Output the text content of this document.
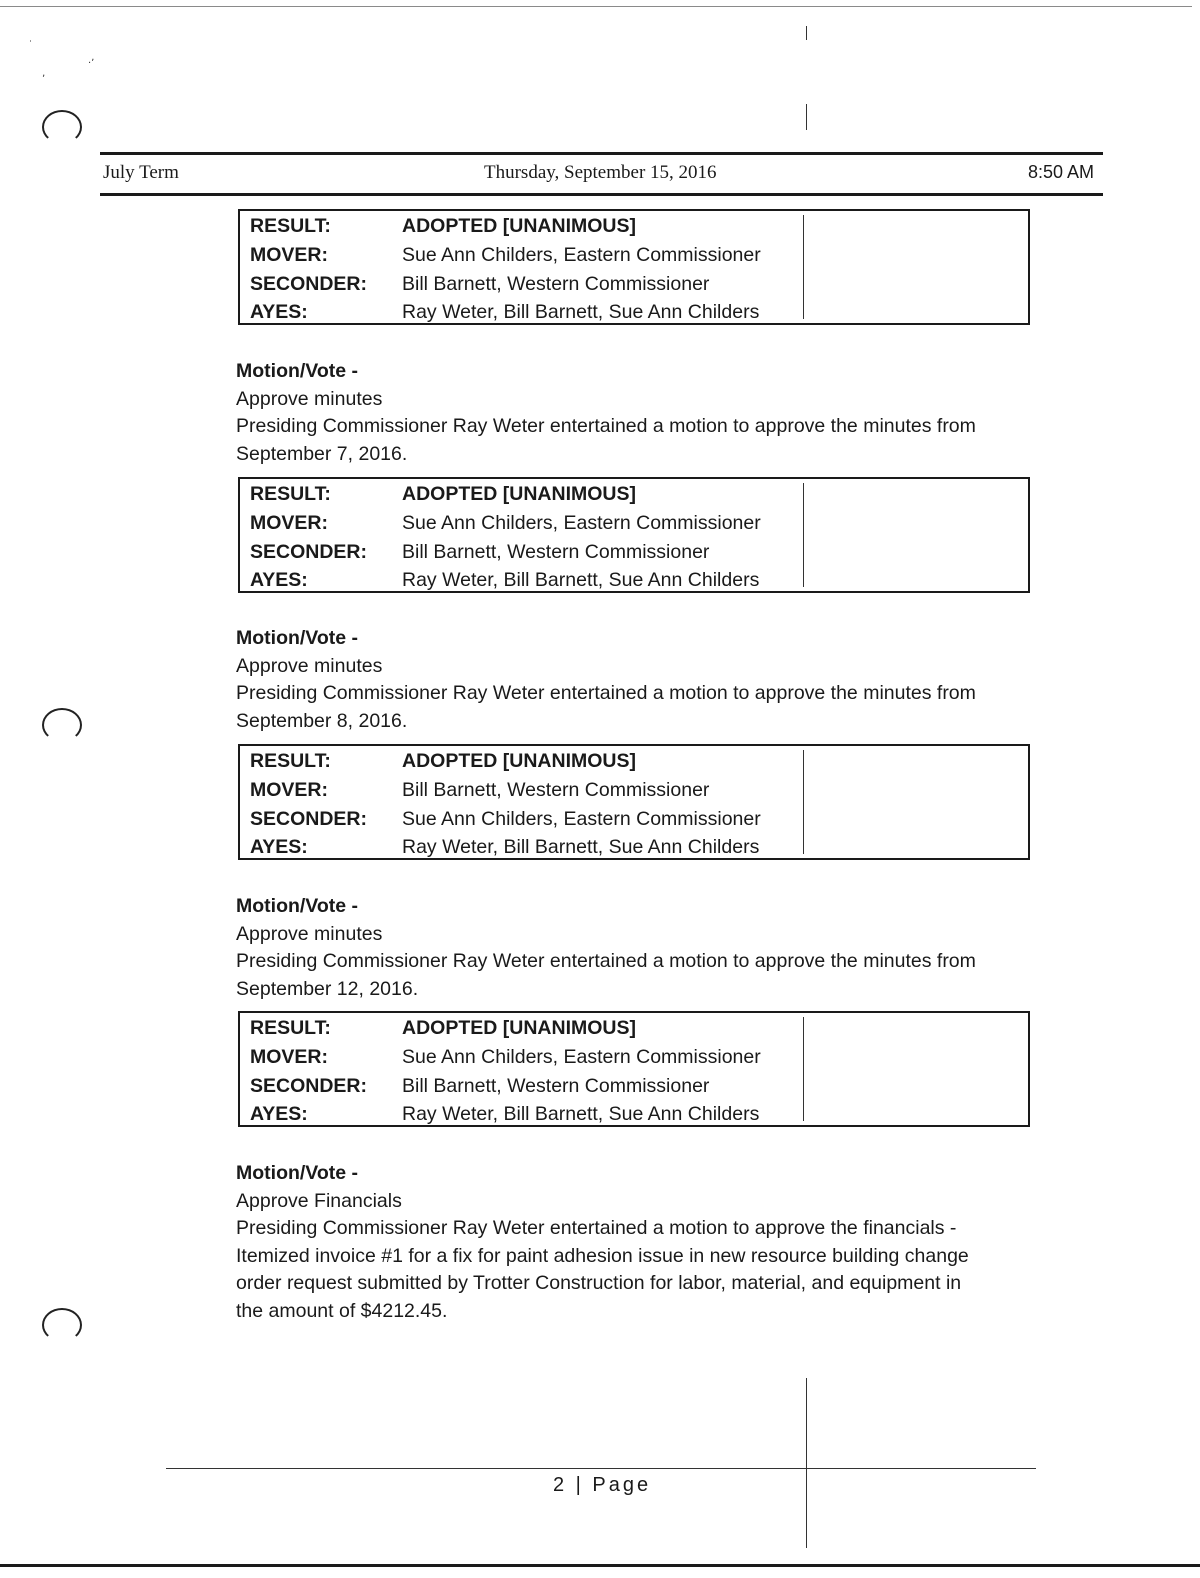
˙
·ʼ
‚
July Term	Thursday, September 15, 2016	8:50 AM
RESULT:	ADOPTED [UNANIMOUS]
MOVER:	Sue Ann Childers, Eastern Commissioner
SECONDER: Bill Barnett, Western Commissioner
AYES:	Ray Weter, Bill Barnett, Sue Ann Childers
Motion/Vote -
Approve minutes
Presiding Commissioner Ray Weter entertained a motion to approve the minutes from
September 7, 2016.
RESULT:	ADOPTED [UNANIMOUS]
MOVER:	Sue Ann Childers, Eastern Commissioner
SECONDER: Bill Barnett, Western Commissioner
AYES:	Ray Weter, Bill Barnett, Sue Ann Childers
Motion/Vote -
Approve minutes
Presiding Commissioner Ray Weter entertained a motion to approve the minutes from
September 8, 2016.
RESULT:	ADOPTED [UNANIMOUS]
MOVER:	Bill Barnett, Western Commissioner
SECONDER: Sue Ann Childers, Eastern Commissioner
AYES:	Ray Weter, Bill Barnett, Sue Ann Childers
Motion/Vote -
Approve minutes
Presiding Commissioner Ray Weter entertained a motion to approve the minutes from
September 12, 2016.
RESULT:	ADOPTED [UNANIMOUS]
MOVER:	Sue Ann Childers, Eastern Commissioner
SECONDER: Bill Barnett, Western Commissioner
AYES:	Ray Weter, Bill Barnett, Sue Ann Childers
Motion/Vote -
Approve Financials
Presiding Commissioner Ray Weter entertained a motion to approve the financials -
Itemized invoice #1 for a fix for paint adhesion issue in new resource building change
order request submitted by Trotter Construction for labor, material, and equipment in
the amount of $4212.45.
2 | Page
